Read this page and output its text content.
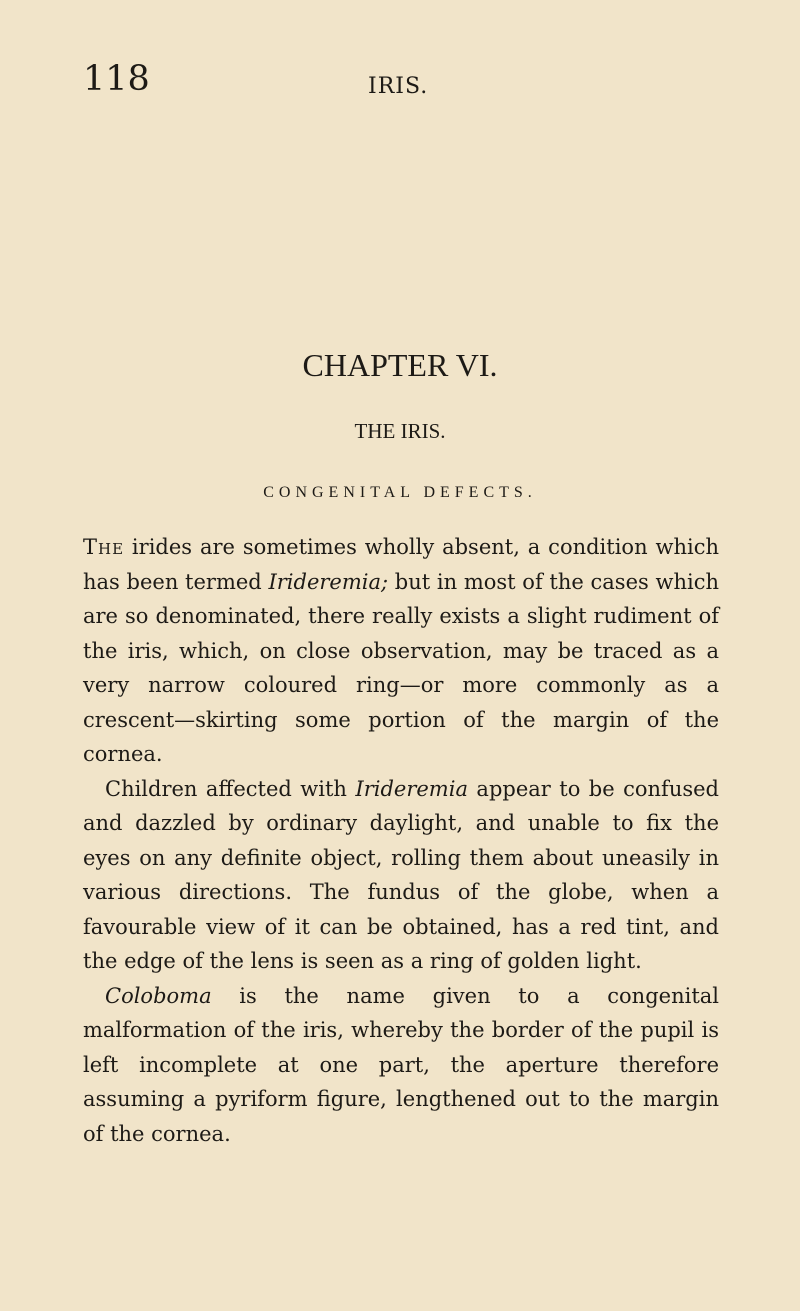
118	IRIS.
CHAPTER VI.
THE IRIS.
CONGENITAL DEFECTS.

The irides are sometimes wholly absent, a condition which has been termed Irideremia; but in most of the cases which are so denominated, there really exists a slight rudiment of the iris, which, on close observation, may be traced as a very narrow coloured ring—or more commonly as a crescent—skirting some portion of the margin of the cornea.

Children affected with Irideremia appear to be confused and dazzled by ordinary daylight, and unable to fix the eyes on any definite object, rolling them about uneasily in various directions. The fundus of the globe, when a favourable view of it can be obtained, has a red tint, and the edge of the lens is seen as a ring of golden light.

Coloboma is the name given to a congenital malformation of the iris, whereby the border of the pupil is left incomplete at one part, the aperture therefore assuming a pyriform figure, lengthened out to the margin of the cornea.
